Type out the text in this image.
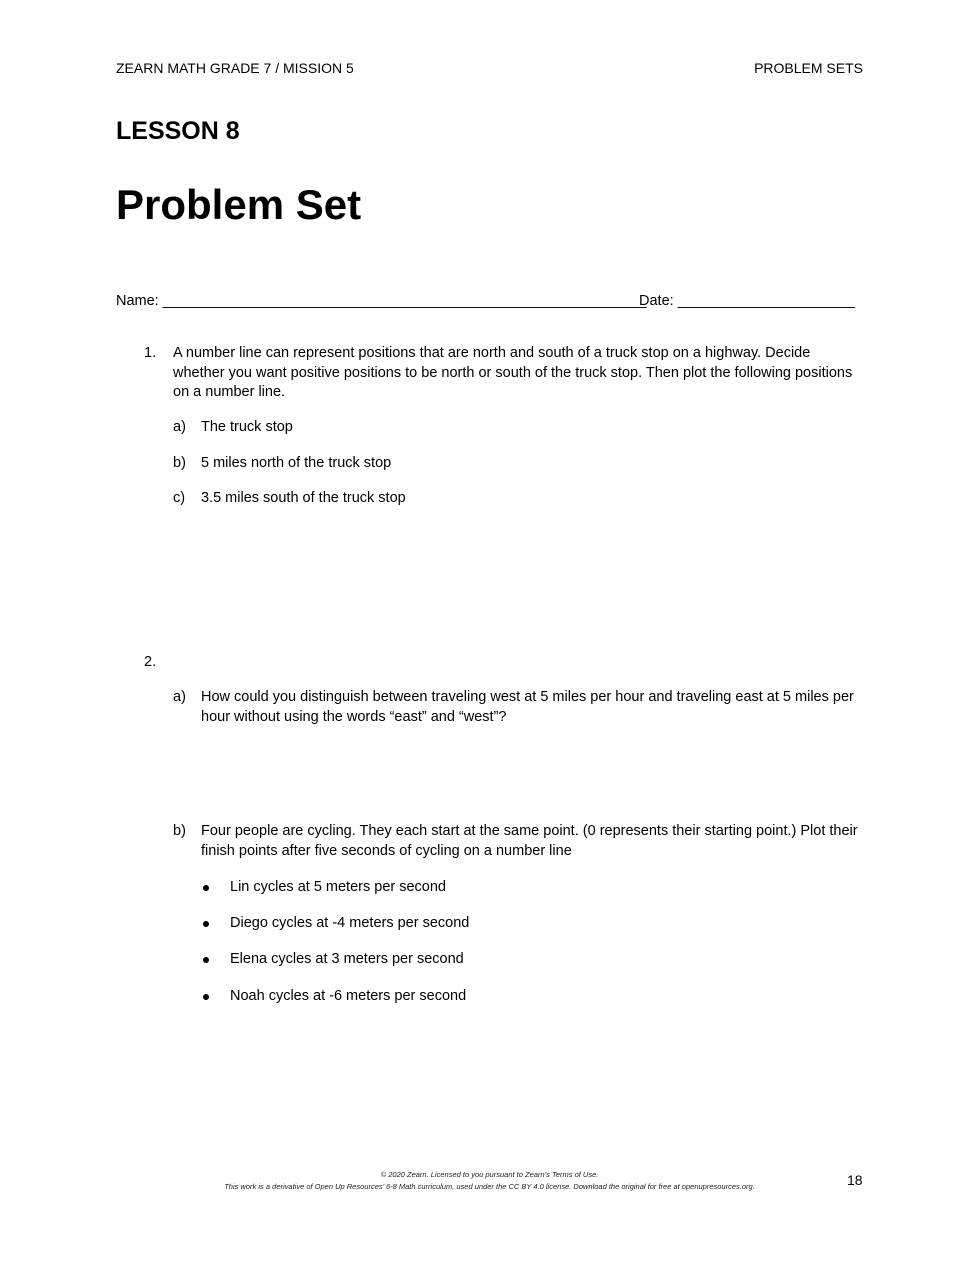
ZEARN MATH GRADE 7 / MISSION 5	PROBLEM SETS
LESSON 8
Problem Set
Name: ____________________________________________________________
Date: ______________________
1. A number line can represent positions that are north and south of a truck stop on a highway. Decide whether you want positive positions to be north or south of the truck stop. Then plot the following positions on a number line.
a) The truck stop
b) 5 miles north of the truck stop
c) 3.5 miles south of the truck stop
2.
a) How could you distinguish between traveling west at 5 miles per hour and traveling east at 5 miles per hour without using the words “east” and “west”?
b) Four people are cycling. They each start at the same point. (0 represents their starting point.) Plot their finish points after five seconds of cycling on a number line
Lin cycles at 5 meters per second
Diego cycles at -4 meters per second
Elena cycles at 3 meters per second
Noah cycles at -6 meters per second
© 2020 Zearn. Licensed to you pursuant to Zearn’s Terms of Use.
This work is a derivative of Open Up Resources’ 6-8 Math curriculum, used under the CC BY 4.0 license. Download the original for free at openupresources.org.	18
